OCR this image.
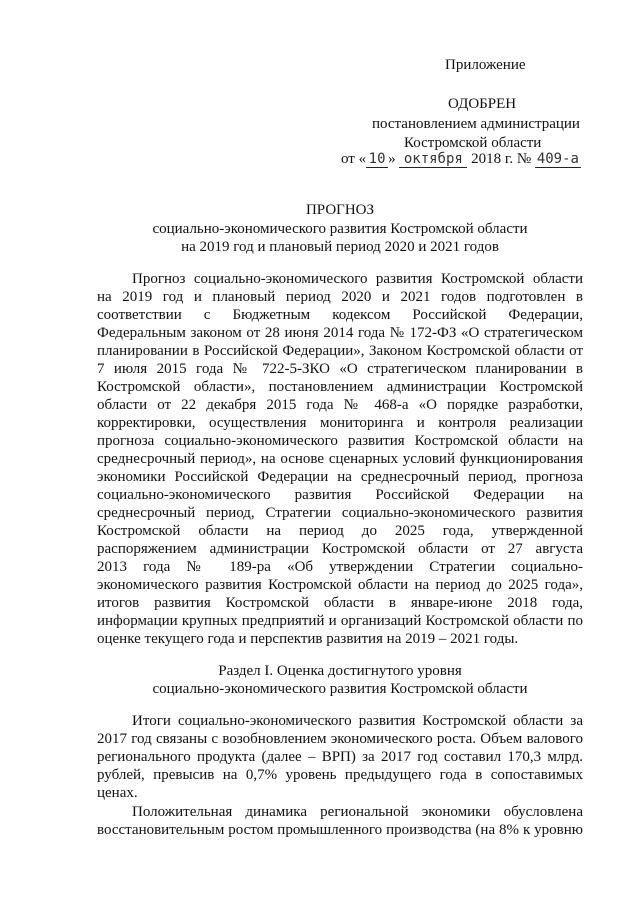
Приложение
ОДОБРЕН
постановлением администрации
Костромской области
от « 10 » октября 2018 г. № 409-а
ПРОГНОЗ
социально-экономического развития Костромской области
на 2019 год и плановый период 2020 и 2021 годов
Прогноз социально-экономического развития Костромской области
на 2019 год и плановый период 2020 и 2021 годов подготовлен в
соответствии с Бюджетным кодексом Российской Федерации,
Федеральным законом от 28 июня 2014 года № 172-ФЗ «О стратегическом
планировании в Российской Федерации», Законом Костромской области от
7 июля 2015 года № 722-5-ЗКО «О стратегическом планировании в
Костромской области», постановлением администрации Костромской
области от 22 декабря 2015 года № 468-а «О порядке разработки,
корректировки, осуществления мониторинга и контроля реализации
прогноза социально-экономического развития Костромской области на
среднесрочный период», на основе сценарных условий функционирования
экономики Российской Федерации на среднесрочный период, прогноза
социально-экономического развития Российской Федерации на
среднесрочный период, Стратегии социально-экономического развития
Костромской области на период до 2025 года, утвержденной
распоряжением администрации Костромской области от 27 августа
2013 года № 189-ра «Об утверждении Стратегии социально-
экономического развития Костромской области на период до 2025 года»,
итогов развития Костромской области в январе-июне 2018 года,
информации крупных предприятий и организаций Костромской области по
оценке текущего года и перспектив развития на 2019 – 2021 годы.
Раздел I. Оценка достигнутого уровня
социально-экономического развития Костромской области
Итоги социально-экономического развития Костромской области за
2017 год связаны с возобновлением экономического роста. Объем валового
регионального продукта (далее – ВРП) за 2017 год составил 170,3 млрд.
рублей, превысив на 0,7% уровень предыдущего года в сопоставимых
ценах.
Положительная динамика региональной экономики обусловлена
восстановительным ростом промышленного производства (на 8% к уровню
